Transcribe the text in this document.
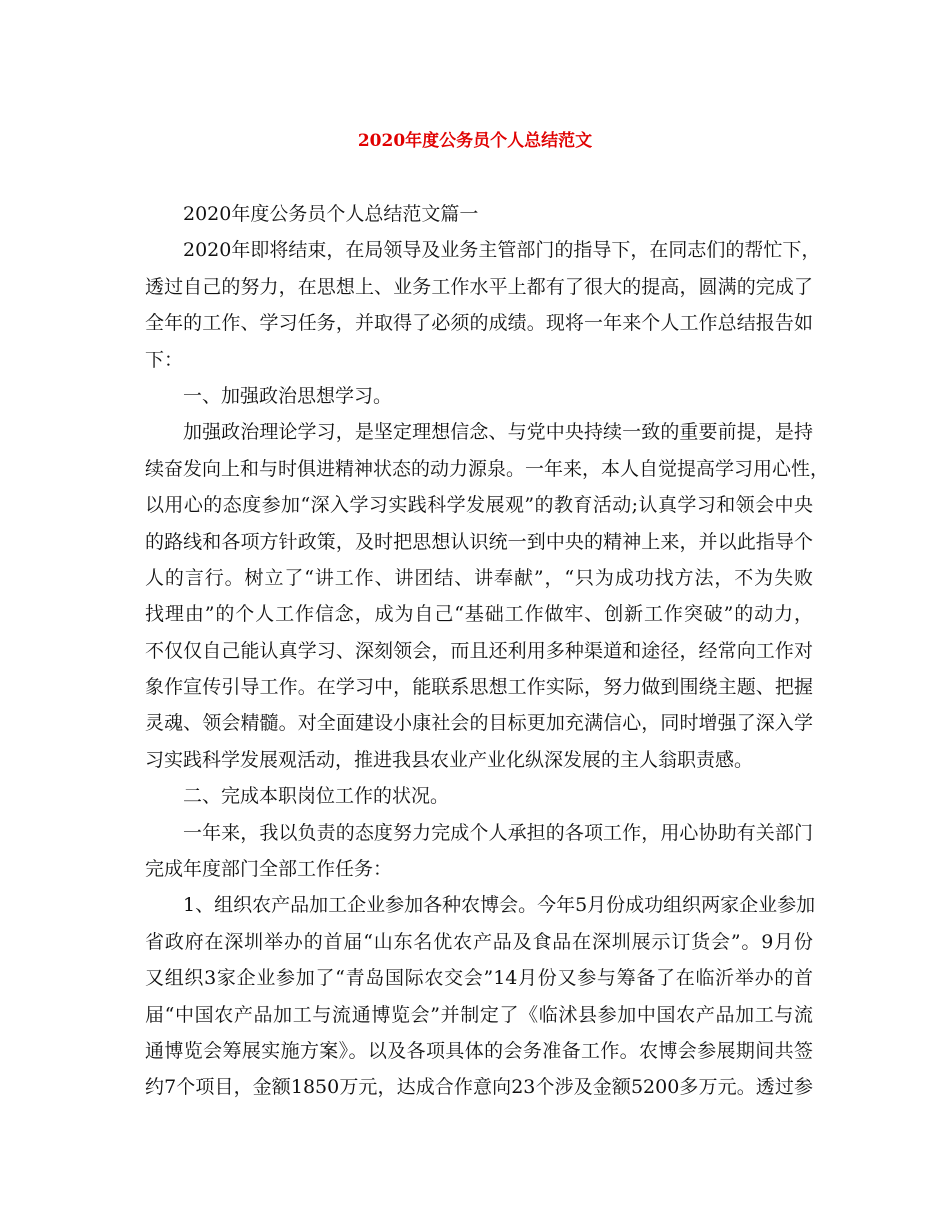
2020年度公务员个人总结范文
2020年度公务员个人总结范文篇一
2020年即将结束，在局领导及业务主管部门的指导下，在同志们的帮忙下，
透过自己的努力，在思想上、业务工作水平上都有了很大的提高，圆满的完成了
全年的工作、学习任务，并取得了必须的成绩。现将一年来个人工作总结报告如
下：
一、加强政治思想学习。
加强政治理论学习，是坚定理想信念、与党中央持续一致的重要前提，是持
续奋发向上和与时俱进精神状态的动力源泉。一年来，本人自觉提高学习用心性，
以用心的态度参加“深入学习实践科学发展观”的教育活动;认真学习和领会中央
的路线和各项方针政策，及时把思想认识统一到中央的精神上来，并以此指导个
人的言行。树立了“讲工作、讲团结、讲奉献”，“只为成功找方法，不为失败
找理由”的个人工作信念，成为自己“基础工作做牢、创新工作突破”的动力，
不仅仅自己能认真学习、深刻领会，而且还利用多种渠道和途径，经常向工作对
象作宣传引导工作。在学习中，能联系思想工作实际，努力做到围绕主题、把握
灵魂、领会精髓。对全面建设小康社会的目标更加充满信心，同时增强了深入学
习实践科学发展观活动，推进我县农业产业化纵深发展的主人翁职责感。
二、完成本职岗位工作的状况。
一年来，我以负责的态度努力完成个人承担的各项工作，用心协助有关部门
完成年度部门全部工作任务：
1、组织农产品加工企业参加各种农博会。今年5月份成功组织两家企业参加
省政府在深圳举办的首届“山东名优农产品及食品在深圳展示订货会”。9月份
又组织3家企业参加了“青岛国际农交会”14月份又参与筹备了在临沂举办的首
届“中国农产品加工与流通博览会”并制定了《临沭县参加中国农产品加工与流
通博览会筹展实施方案》。以及各项具体的会务准备工作。农博会参展期间共签
约7个项目，金额1850万元，达成合作意向23个涉及金额5200多万元。透过参
